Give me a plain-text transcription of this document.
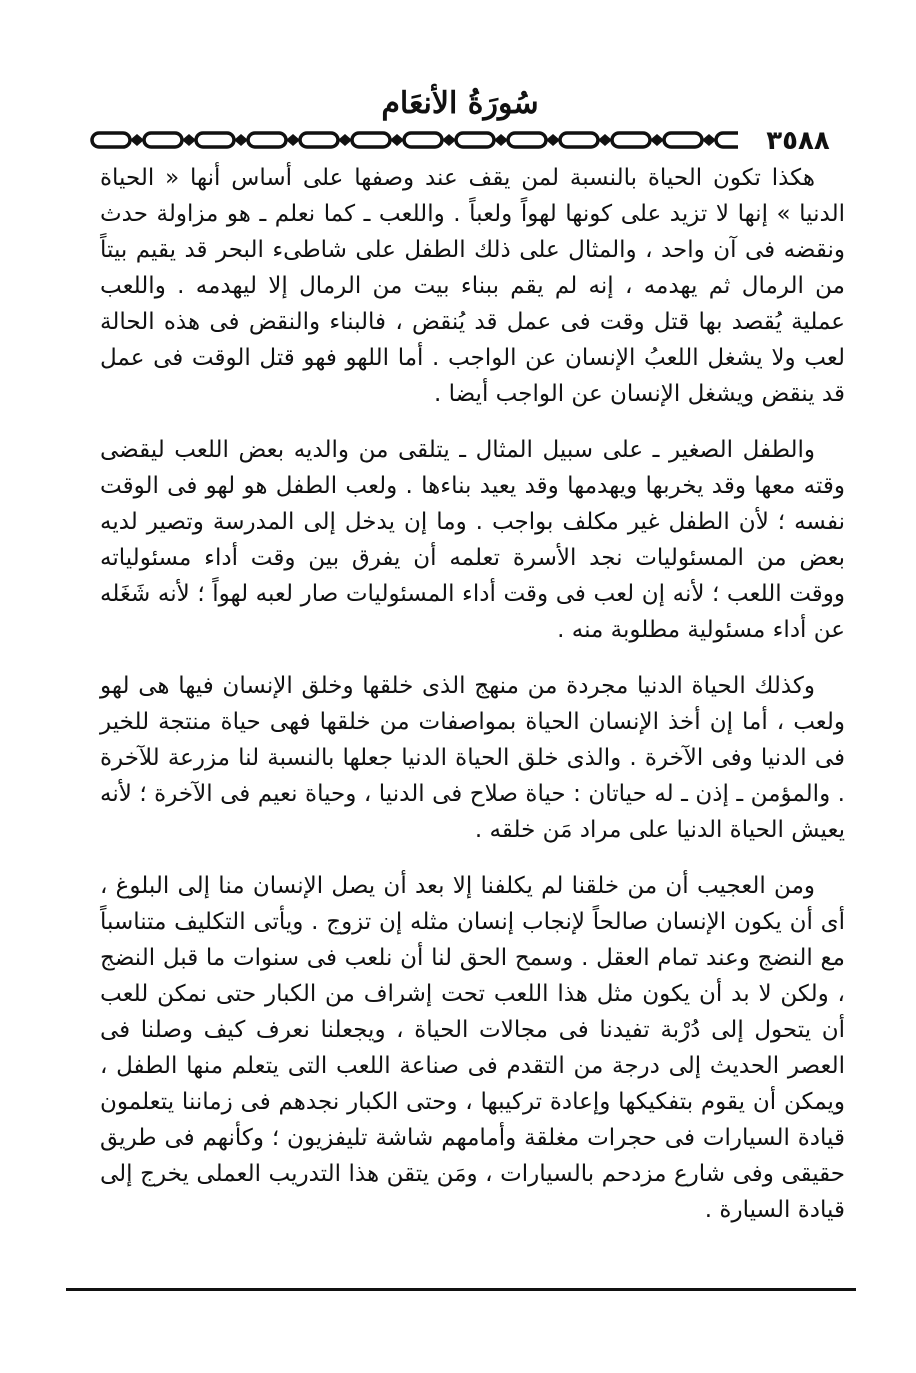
سُورَةُ الأنعَام
٣٥٨٨

هكذا تكون الحياة بالنسبة لمن يقف عند وصفها على أساس أنها « الحياة الدنيا » إنها لا تزيد على كونها لهواً ولعباً . واللعب ـ كما نعلم ـ هو مزاولة حدث ونقضه فى آن واحد ، والمثال على ذلك الطفل على شاطىء البحر قد يقيم بيتاً من الرمال ثم يهدمه ، إنه لم يقم ببناء بيت من الرمال إلا ليهدمه . واللعب عملية يُقصد بها قتل وقت فى عمل قد يُنقض ، فالبناء والنقض فى هذه الحالة لعب ولا يشغل اللعبُ الإنسان عن الواجب . أما اللهو فهو قتل الوقت فى عمل قد ينقض ويشغل الإنسان عن الواجب أيضا .

والطفل الصغير ـ على سبيل المثال ـ يتلقى من والديه بعض اللعب ليقضى وقته معها وقد يخربها ويهدمها وقد يعيد بناءها . ولعب الطفل هو لهو فى الوقت نفسه ؛ لأن الطفل غير مكلف بواجب . وما إن يدخل إلى المدرسة وتصير لديه بعض من المسئوليات نجد الأسرة تعلمه أن يفرق بين وقت أداء مسئولياته ووقت اللعب ؛ لأنه إن لعب فى وقت أداء المسئوليات صار لعبه لهواً ؛ لأنه شَغَله عن أداء مسئولية مطلوبة منه .

وكذلك الحياة الدنيا مجردة من منهج الذى خلقها وخلق الإنسان فيها هى لهو ولعب ، أما إن أخذ الإنسان الحياة بمواصفات من خلقها فهى حياة منتجة للخير فى الدنيا وفى الآخرة . والذى خلق الحياة الدنيا جعلها بالنسبة لنا مزرعة للآخرة . والمؤمن ـ إذن ـ له حياتان : حياة صلاح فى الدنيا ، وحياة نعيم فى الآخرة ؛ لأنه يعيش الحياة الدنيا على مراد مَن خلقه .

ومن العجيب أن من خلقنا لم يكلفنا إلا بعد أن يصل الإنسان منا إلى البلوغ ، أى أن يكون الإنسان صالحاً لإنجاب إنسان مثله إن تزوج . ويأتى التكليف متناسباً مع النضج وعند تمام العقل . وسمح الحق لنا أن نلعب فى سنوات ما قبل النضج ، ولكن لا بد أن يكون مثل هذا اللعب تحت إشراف من الكبار حتى نمكن للعب أن يتحول إلى دُرْبة تفيدنا فى مجالات الحياة ، ويجعلنا نعرف كيف وصلنا فى العصر الحديث إلى درجة من التقدم فى صناعة اللعب التى يتعلم منها الطفل ، ويمكن أن يقوم بتفكيكها وإعادة تركيبها ، وحتى الكبار نجدهم فى زماننا يتعلمون قيادة السيارات فى حجرات مغلقة وأمامهم شاشة تليفزيون ؛ وكأنهم فى طريق حقيقى وفى شارع مزدحم بالسيارات ، ومَن يتقن هذا التدريب العملى يخرج إلى قيادة السيارة .
